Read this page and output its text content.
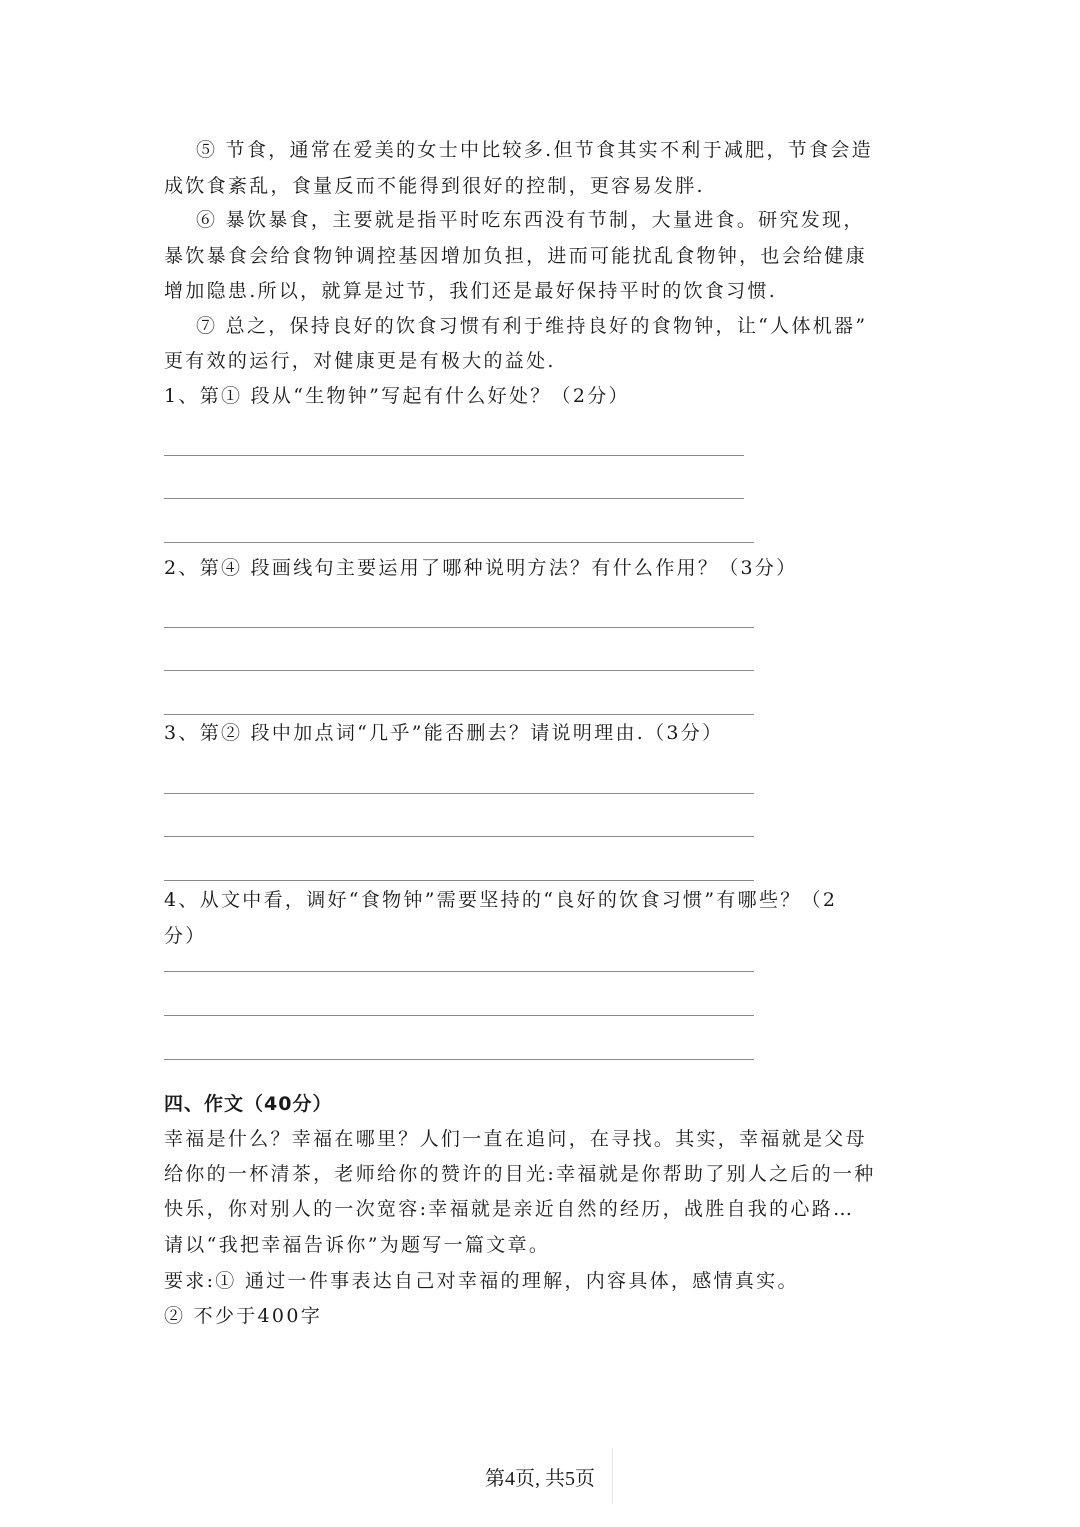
⑤ 节食，通常在爱美的女士中比较多.但节食其实不利于减肥，节食会造
成饮食紊乱，食量反而不能得到很好的控制，更容易发胖.
⑥ 暴饮暴食，主要就是指平时吃东西没有节制，大量进食。研究发现，
暴饮暴食会给食物钟调控基因增加负担，进而可能扰乱食物钟，也会给健康
增加隐患.所以，就算是过节，我们还是最好保持平时的饮食习惯.
⑦ 总之，保持良好的饮食习惯有利于维持良好的食物钟，让“人体机器”
更有效的运行，对健康更是有极大的益处.
1、第① 段从“生物钟”写起有什么好处？（2分）
2、第④ 段画线句主要运用了哪种说明方法？有什么作用？（3分）
3、第② 段中加点词“几乎”能否删去？请说明理由.（3分）
4、从文中看，调好“食物钟”需要坚持的“良好的饮食习惯”有哪些？（2
分）
四、作文（40分）
幸福是什么？幸福在哪里？人们一直在追问，在寻找。其实，幸福就是父母
给你的一杯清茶，老师给你的赞许的目光:幸福就是你帮助了别人之后的一种
快乐，你对别人的一次宽容:幸福就是亲近自然的经历，战胜自我的心路…
请以“我把幸福告诉你”为题写一篇文章。
要求:① 通过一件事表达自己对幸福的理解，内容具体，感情真实。
② 不少于400字
第4页, 共5页
